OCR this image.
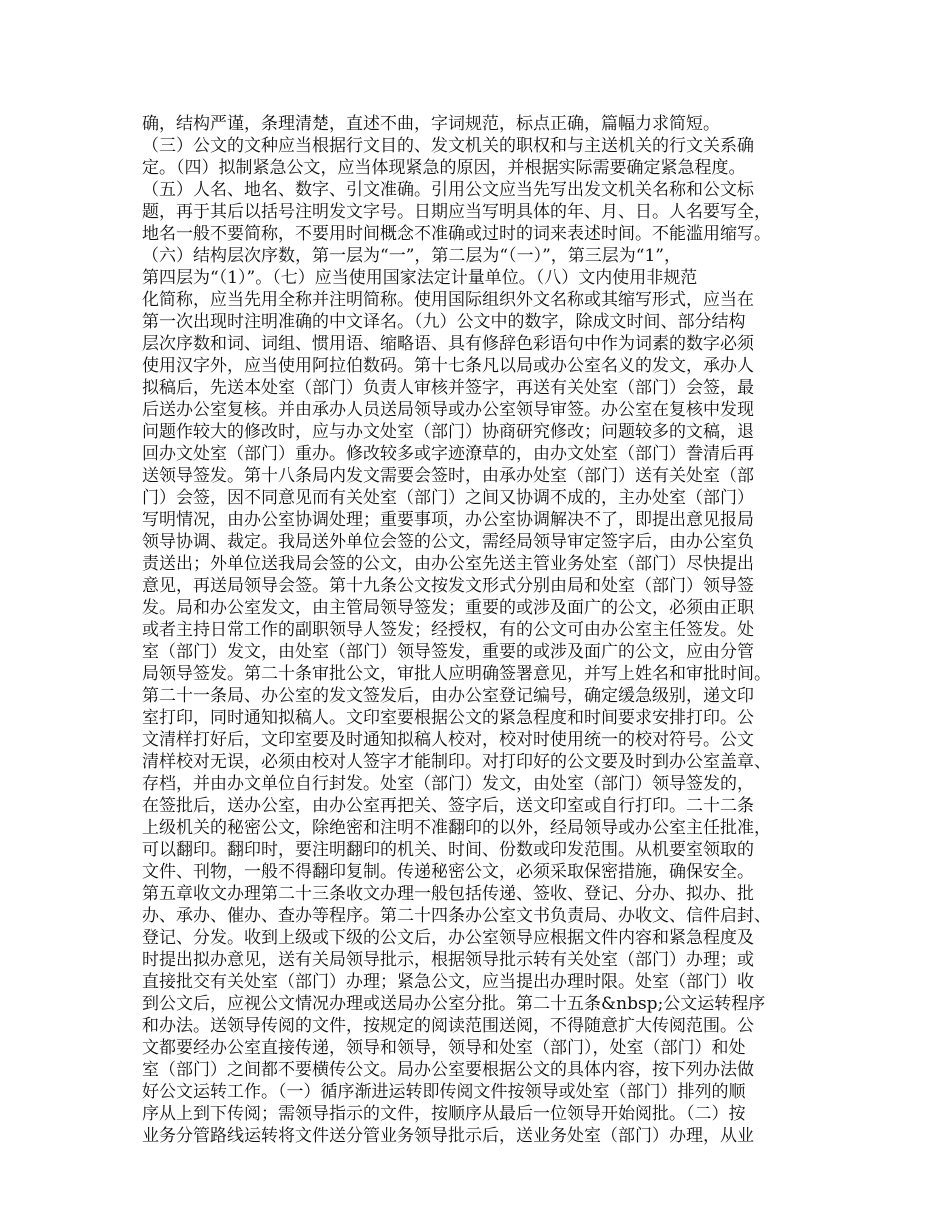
确，结构严谨，条理清楚，直述不曲，字词规范，标点正确，篇幅力求简短。
（三）公文的文种应当根据行文目的、发文机关的职权和与主送机关的行文关系确
定。（四）拟制紧急公文，应当体现紧急的原因，并根据实际需要确定紧急程度。
（五）人名、地名、数字、引文准确。引用公文应当先写出发文机关名称和公文标
题，再于其后以括号注明发文字号。日期应当写明具体的年、月、日。人名要写全，
地名一般不要简称，不要用时间概念不准确或过时的词来表述时间。不能滥用缩写。
（六）结构层次序数，第一层为“一”，第二层为“（一）”，第三层为“1”，
第四层为“（1）”。（七）应当使用国家法定计量单位。（八）文内使用非规范
化简称，应当先用全称并注明简称。使用国际组织外文名称或其缩写形式，应当在
第一次出现时注明准确的中文译名。（九）公文中的数字，除成文时间、部分结构
层次序数和词、词组、惯用语、缩略语、具有修辞色彩语句中作为词素的数字必须
使用汉字外，应当使用阿拉伯数码。第十七条凡以局或办公室名义的发文，承办人
拟稿后，先送本处室（部门）负责人审核并签字，再送有关处室（部门）会签，最
后送办公室复核。并由承办人员送局领导或办公室领导审签。办公室在复核中发现
问题作较大的修改时，应与办文处室（部门）协商研究修改；问题较多的文稿，退
回办文处室（部门）重办。修改较多或字迹潦草的，由办文处室（部门）誊清后再
送领导签发。第十八条局内发文需要会签时，由承办处室（部门）送有关处室（部
门）会签，因不同意见而有关处室（部门）之间又协调不成的，主办处室（部门）
写明情况，由办公室协调处理；重要事项，办公室协调解决不了，即提出意见报局
领导协调、裁定。我局送外单位会签的公文，需经局领导审定签字后，由办公室负
责送出；外单位送我局会签的公文，由办公室先送主管业务处室（部门）尽快提出
意见，再送局领导会签。第十九条公文按发文形式分别由局和处室（部门）领导签
发。局和办公室发文，由主管局领导签发；重要的或涉及面广的公文，必须由正职
或者主持日常工作的副职领导人签发；经授权，有的公文可由办公室主任签发。处
室（部门）发文，由处室（部门）领导签发，重要的或涉及面广的公文，应由分管
局领导签发。第二十条审批公文，审批人应明确签署意见，并写上姓名和审批时间。
第二十一条局、办公室的发文签发后，由办公室登记编号，确定缓急级别，递文印
室打印，同时通知拟稿人。文印室要根据公文的紧急程度和时间要求安排打印。公
文清样打好后，文印室要及时通知拟稿人校对，校对时使用统一的校对符号。公文
清样校对无误，必须由校对人签字才能制印。对打印好的公文要及时到办公室盖章、
存档，并由办文单位自行封发。处室（部门）发文，由处室（部门）领导签发的，
在签批后，送办公室，由办公室再把关、签字后，送文印室或自行打印。二十二条
上级机关的秘密公文，除绝密和注明不准翻印的以外，经局领导或办公室主任批准，
可以翻印。翻印时，要注明翻印的机关、时间、份数或印发范围。从机要室领取的
文件、刊物，一般不得翻印复制。传递秘密公文，必须采取保密措施，确保安全。
第五章收文办理第二十三条收文办理一般包括传递、签收、登记、分办、拟办、批
办、承办、催办、查办等程序。第二十四条办公室文书负责局、办收文、信件启封、
登记、分发。收到上级或下级的公文后，办公室领导应根据文件内容和紧急程度及
时提出拟办意见，送有关局领导批示，根据领导批示转有关处室（部门）办理；或
直接批交有关处室（部门）办理；紧急公文，应当提出办理时限。处室（部门）收
到公文后，应视公文情况办理或送局办公室分批。第二十五条&nbsp;公文运转程序
和办法。送领导传阅的文件，按规定的阅读范围送阅，不得随意扩大传阅范围。公
文都要经办公室直接传递，领导和领导，领导和处室（部门），处室（部门）和处
室（部门）之间都不要横传公文。局办公室要根据公文的具体内容，按下列办法做
好公文运转工作。（一）循序渐进运转即传阅文件按领导或处室（部门）排列的顺
序从上到下传阅；需领导指示的文件，按顺序从最后一位领导开始阅批。（二）按
业务分管路线运转将文件送分管业务领导批示后，送业务处室（部门）办理，从业
